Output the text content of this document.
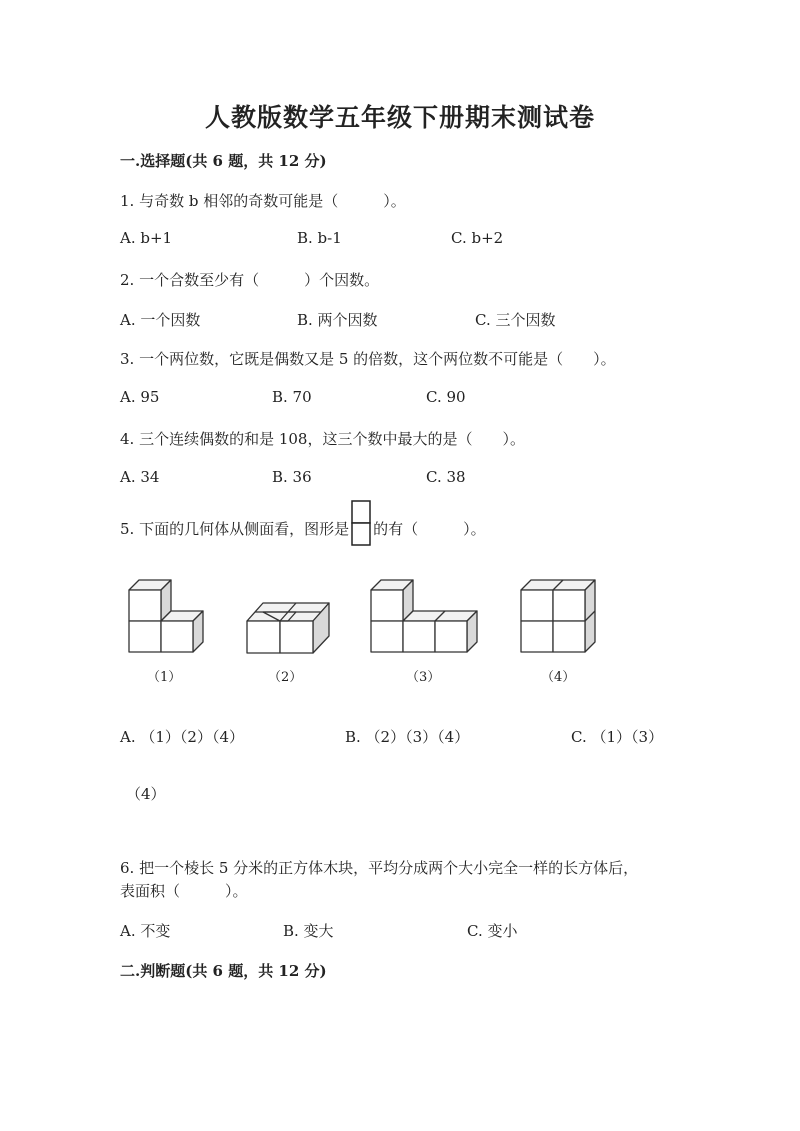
人教版数学五年级下册期末测试卷
一.选择题(共 6 题，共 12 分)
1. 与奇数 b 相邻的奇数可能是（　　　）。
A. b+1	B. b-1	C. b+2
2. 一个合数至少有（　　　）个因数。
A. 一个因数	B. 两个因数	C. 三个因数
3. 一个两位数，它既是偶数又是 5 的倍数，这个两位数不可能是（　　）。
A. 95	B. 70	C. 90
4. 三个连续偶数的和是 108，这三个数中最大的是（　　）。
A. 34	B. 36	C. 38
5. 下面的几何体从侧面看，图形是 的有（　　　）。
（1）	（2）	（3）	（4）
A. （1）（2）（4）	B. （2）（3）（4）	C. （1）（3）
（4）
6. 把一个棱长 5 分米的正方体木块，平均分成两个大小完全一样的长方体后，
表面积（　　　）。
A. 不变	B. 变大	C. 变小
二.判断题(共 6 题，共 12 分)
